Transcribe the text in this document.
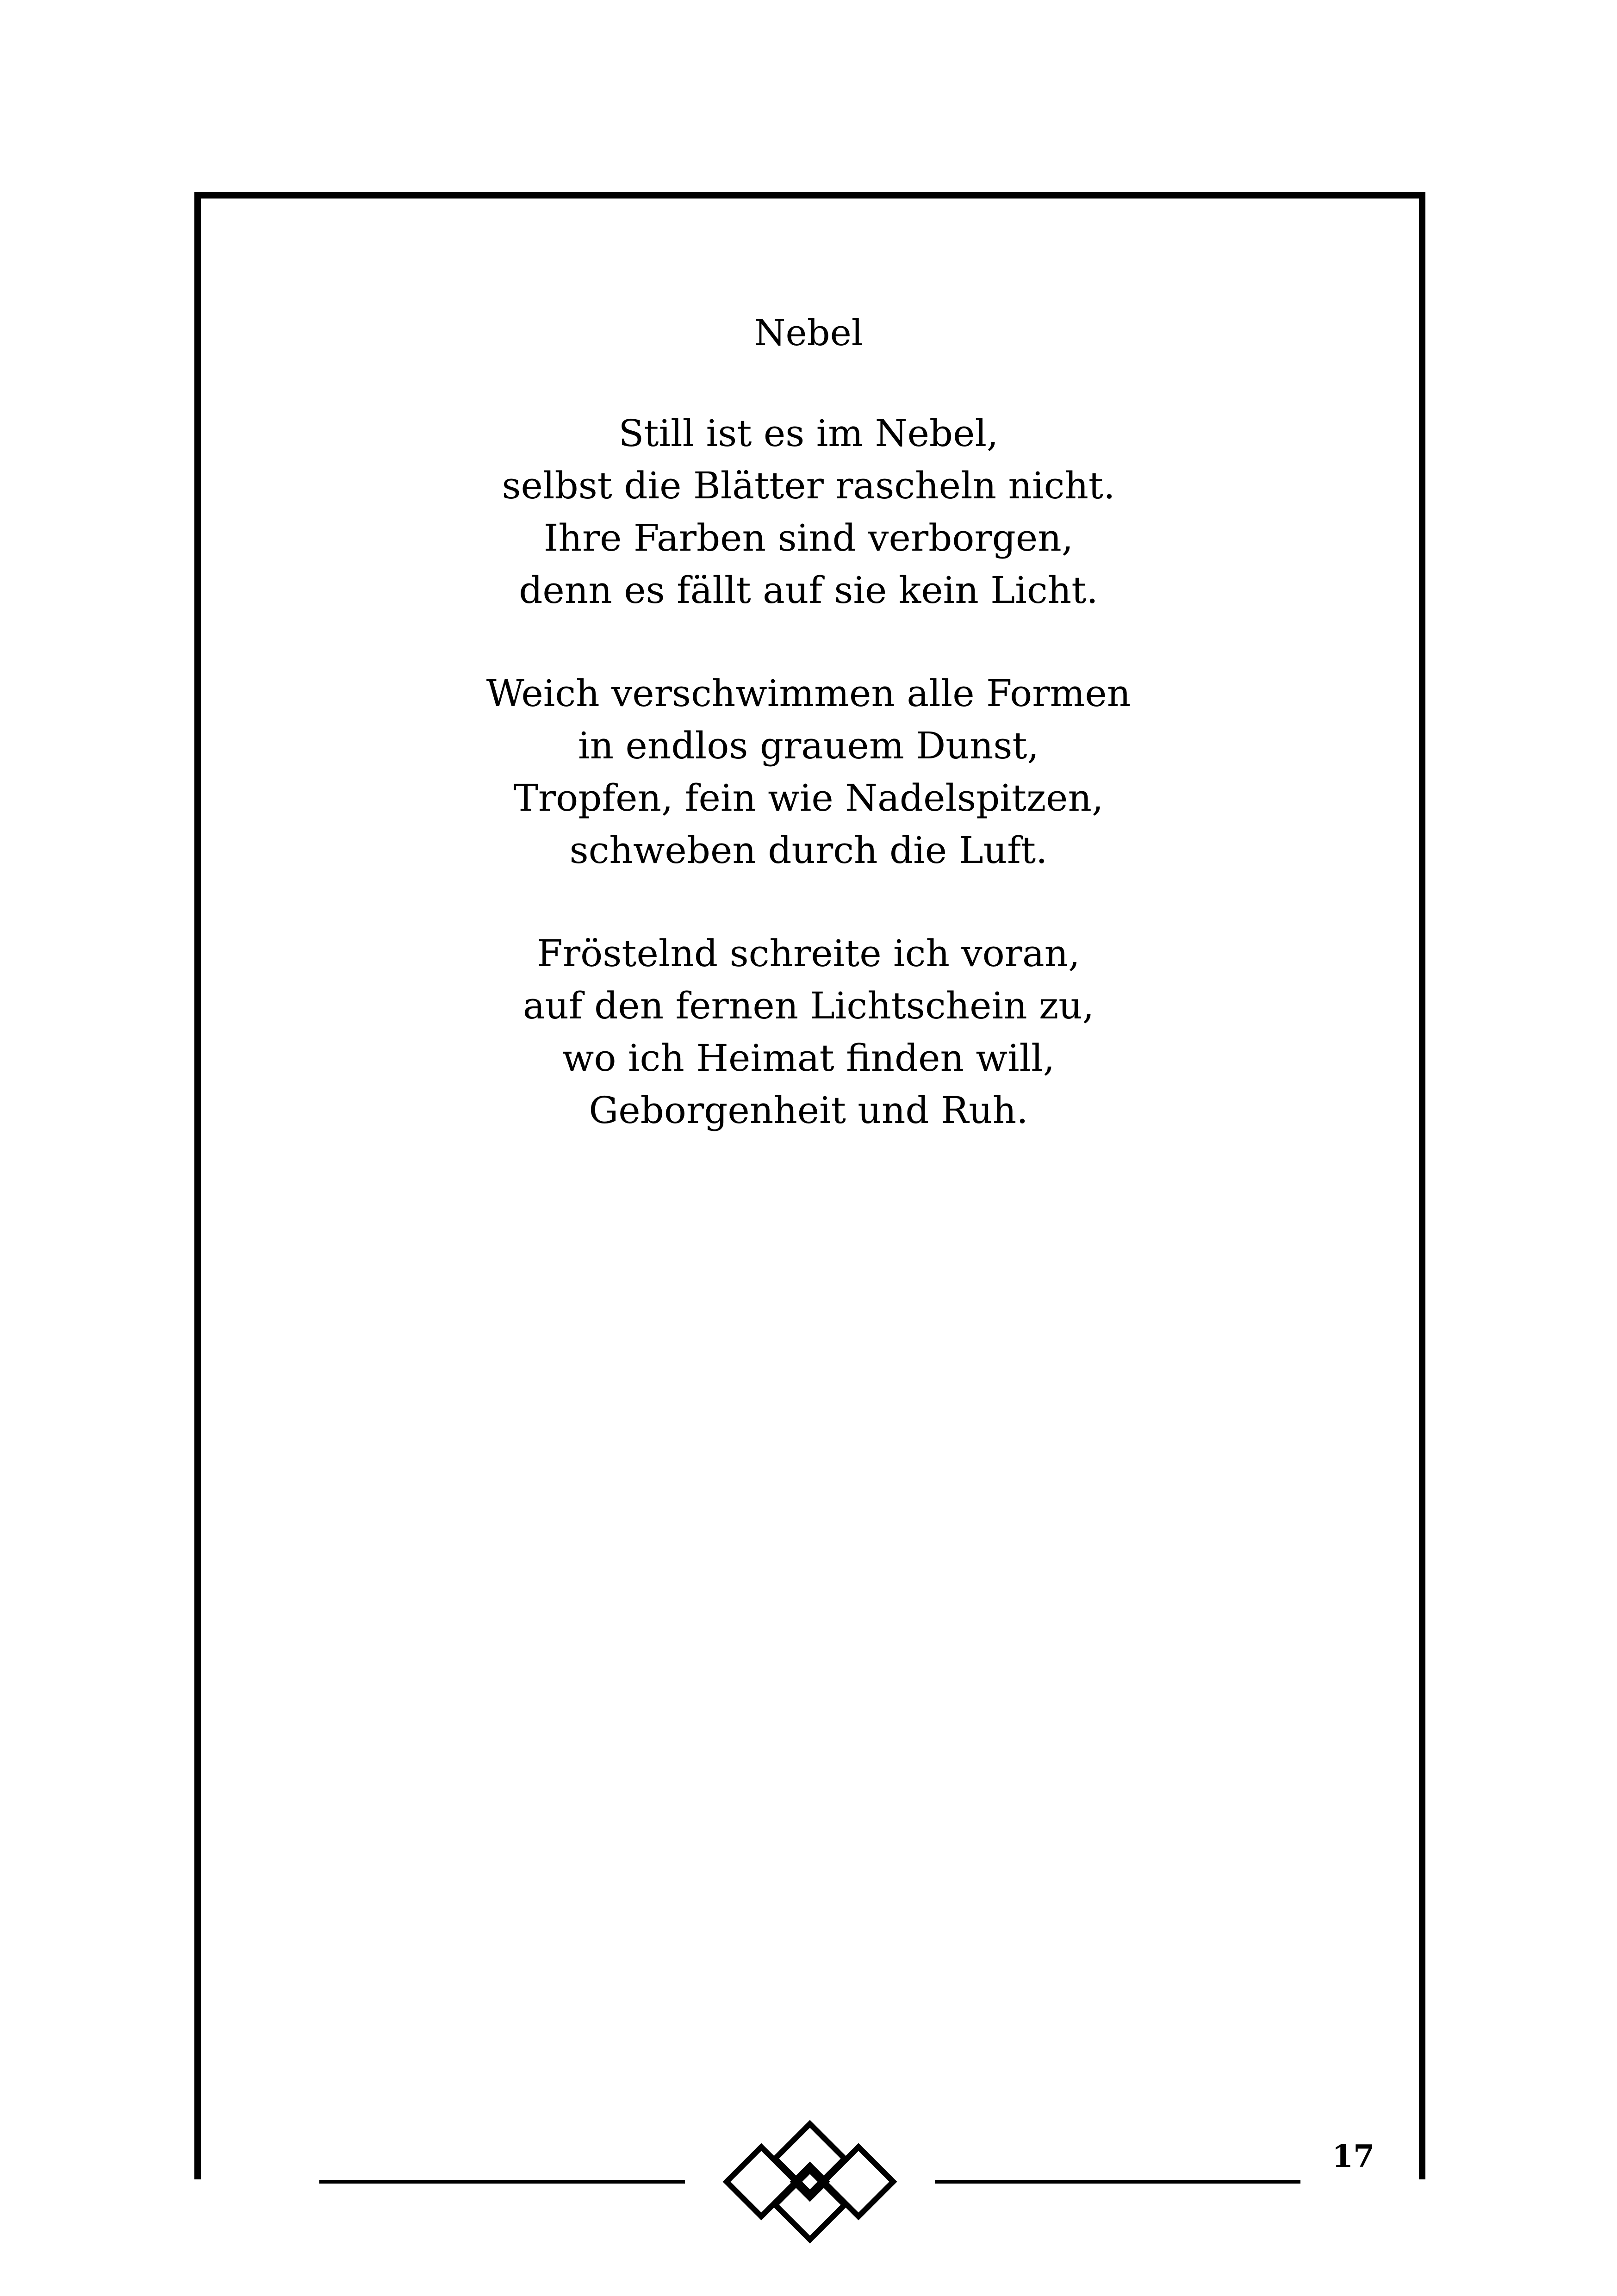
Nebel
Still ist es im Nebel,
selbst die Blätter rascheln nicht.
Ihre Farben sind verborgen,
denn es fällt auf sie kein Licht.
Weich verschwimmen alle Formen
in endlos grauem Dunst,
Tropfen, fein wie Nadelspitzen,
schweben durch die Luft.
Fröstelnd schreite ich voran,
auf den fernen Lichtschein zu,
wo ich Heimat finden will,
Geborgenheit und Ruh.
17
